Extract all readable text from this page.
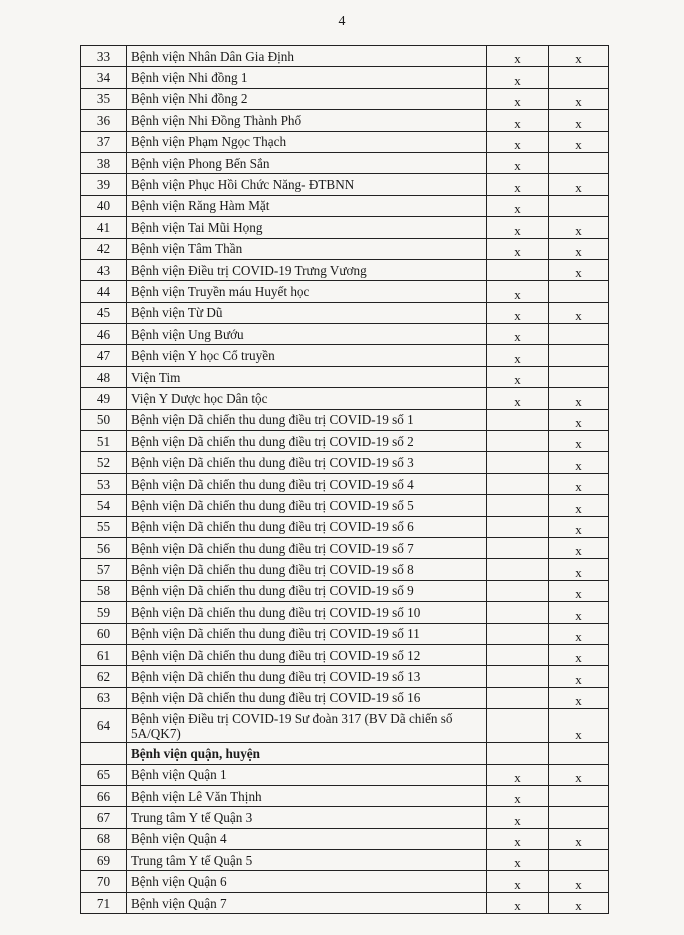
4
33	Bệnh viện Nhân Dân Gia Định	x	x
34	Bệnh viện Nhi đồng 1	x	
35	Bệnh viện Nhi đồng 2	x	x
36	Bệnh viện Nhi Đồng Thành Phố	x	x
37	Bệnh viện Phạm Ngọc Thạch	x	x
38	Bệnh viện Phong Bến Sắn	x	
39	Bệnh viện Phục Hồi Chức Năng- ĐTBNN	x	x
40	Bệnh viện Răng Hàm Mặt	x	
41	Bệnh viện Tai Mũi Họng	x	x
42	Bệnh viện Tâm Thần	x	x
43	Bệnh viện Điều trị COVID-19 Trưng Vương		x
44	Bệnh viện Truyền máu Huyết học	x	
45	Bệnh viện Từ Dũ	x	x
46	Bệnh viện Ung Bướu	x	
47	Bệnh viện Y học Cổ truyền	x	
48	Viện Tim	x	
49	Viện Y Dược học Dân tộc	x	x
50	Bệnh viện Dã chiến thu dung điều trị COVID-19 số 1		x
51	Bệnh viện Dã chiến thu dung điều trị COVID-19 số 2		x
52	Bệnh viện Dã chiến thu dung điều trị COVID-19 số 3		x
53	Bệnh viện Dã chiến thu dung điều trị COVID-19 số 4		x
54	Bệnh viện Dã chiến thu dung điều trị COVID-19 số 5		x
55	Bệnh viện Dã chiến thu dung điều trị COVID-19 số 6		x
56	Bệnh viện Dã chiến thu dung điều trị COVID-19 số 7		x
57	Bệnh viện Dã chiến thu dung điều trị COVID-19 số 8		x
58	Bệnh viện Dã chiến thu dung điều trị COVID-19 số 9		x
59	Bệnh viện Dã chiến thu dung điều trị COVID-19 số 10		x
60	Bệnh viện Dã chiến thu dung điều trị COVID-19 số 11		x
61	Bệnh viện Dã chiến thu dung điều trị COVID-19 số 12		x
62	Bệnh viện Dã chiến thu dung điều trị COVID-19 số 13		x
63	Bệnh viện Dã chiến thu dung điều trị COVID-19 số 16		x
64	Bệnh viện Điều trị COVID-19 Sư đoàn 317 (BV Dã chiến số 5A/QK7)		x
	Bệnh viện quận, huyện		
65	Bệnh viện Quận 1	x	x
66	Bệnh viện Lê Văn Thịnh	x	
67	Trung tâm Y tế Quận 3	x	
68	Bệnh viện Quận 4	x	x
69	Trung tâm Y tế Quận 5	x	
70	Bệnh viện Quận 6	x	x
71	Bệnh viện Quận 7	x	x
